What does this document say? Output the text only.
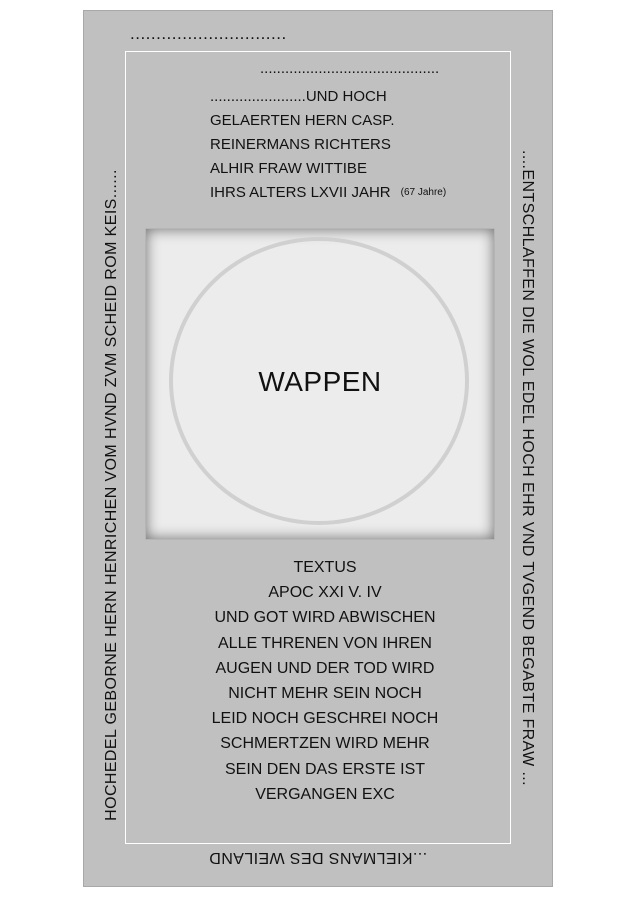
..............................
...........................................
.......................UND HOCH
GELAERTEN HERN CASP.
REINERMANS RICHTERS
ALHIR FRAW WITTIBE
IHRS ALTERS LXVII JAHR (67 Jahre)
WAPPEN
TEXTUS
APOC XXI V. IV
UND GOT WIRD ABWISCHEN
ALLE THRENEN VON IHREN
AUGEN UND DER TOD WIRD
NICHT MEHR SEIN NOCH
LEID NOCH GESCHREI NOCH
SCHMERTZEN WIRD MEHR
SEIN DEN DAS ERSTE IST
VERGANGEN EXC
HOCHEDEL GEBORNE HERN HENRICHEN VOM HVND ZVM SCHEID ROM KEIS......	....ENTSCHLAFFEN DIE WOL EDEL HOCH EHR VND TVGEND BEGABTE FRAW ...
...KIELMANS DES WEILAND
